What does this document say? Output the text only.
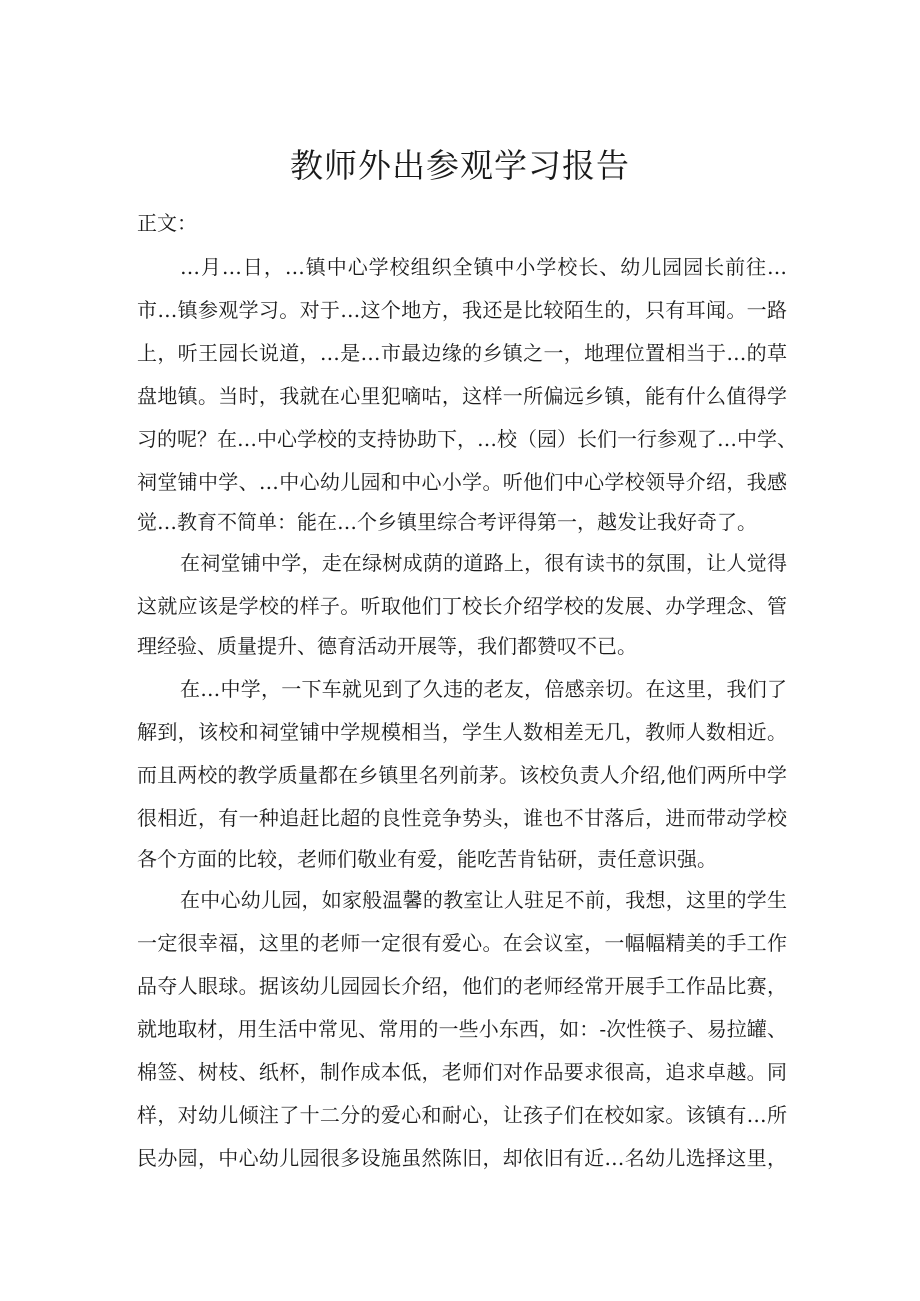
教师外出参观学习报告
正文：
…月…日，…镇中心学校组织全镇中小学校长、幼儿园园长前往…
市…镇参观学习。对于…这个地方，我还是比较陌生的，只有耳闻。一路
上，听王园长说道，…是…市最边缘的乡镇之一，地理位置相当于…的草
盘地镇。当时，我就在心里犯嘀咕，这样一所偏远乡镇，能有什么值得学
习的呢？在…中心学校的支持协助下，…校（园）长们一行参观了…中学、
祠堂铺中学、…中心幼儿园和中心小学。听他们中心学校领导介绍，我感
觉…教育不简单：能在…个乡镇里综合考评得第一，越发让我好奇了。
在祠堂铺中学，走在绿树成荫的道路上，很有读书的氛围，让人觉得
这就应该是学校的样子。听取他们丁校长介绍学校的发展、办学理念、管
理经验、质量提升、德育活动开展等，我们都赞叹不已。
在…中学，一下车就见到了久违的老友，倍感亲切。在这里，我们了
解到，该校和祠堂铺中学规模相当，学生人数相差无几，教师人数相近。
而且两校的教学质量都在乡镇里名列前茅。该校负责人介绍,他们两所中学
很相近，有一种追赶比超的良性竞争势头，谁也不甘落后，进而带动学校
各个方面的比较，老师们敬业有爱，能吃苦肯钻研，责任意识强。
在中心幼儿园，如家般温馨的教室让人驻足不前，我想，这里的学生
一定很幸福，这里的老师一定很有爱心。在会议室，一幅幅精美的手工作
品夺人眼球。据该幼儿园园长介绍，他们的老师经常开展手工作品比赛，
就地取材，用生活中常见、常用的一些小东西，如：-次性筷子、易拉罐、
棉签、树枝、纸杯，制作成本低，老师们对作品要求很高，追求卓越。同
样，对幼儿倾注了十二分的爱心和耐心，让孩子们在校如家。该镇有…所
民办园，中心幼儿园很多设施虽然陈旧，却依旧有近…名幼儿选择这里，
